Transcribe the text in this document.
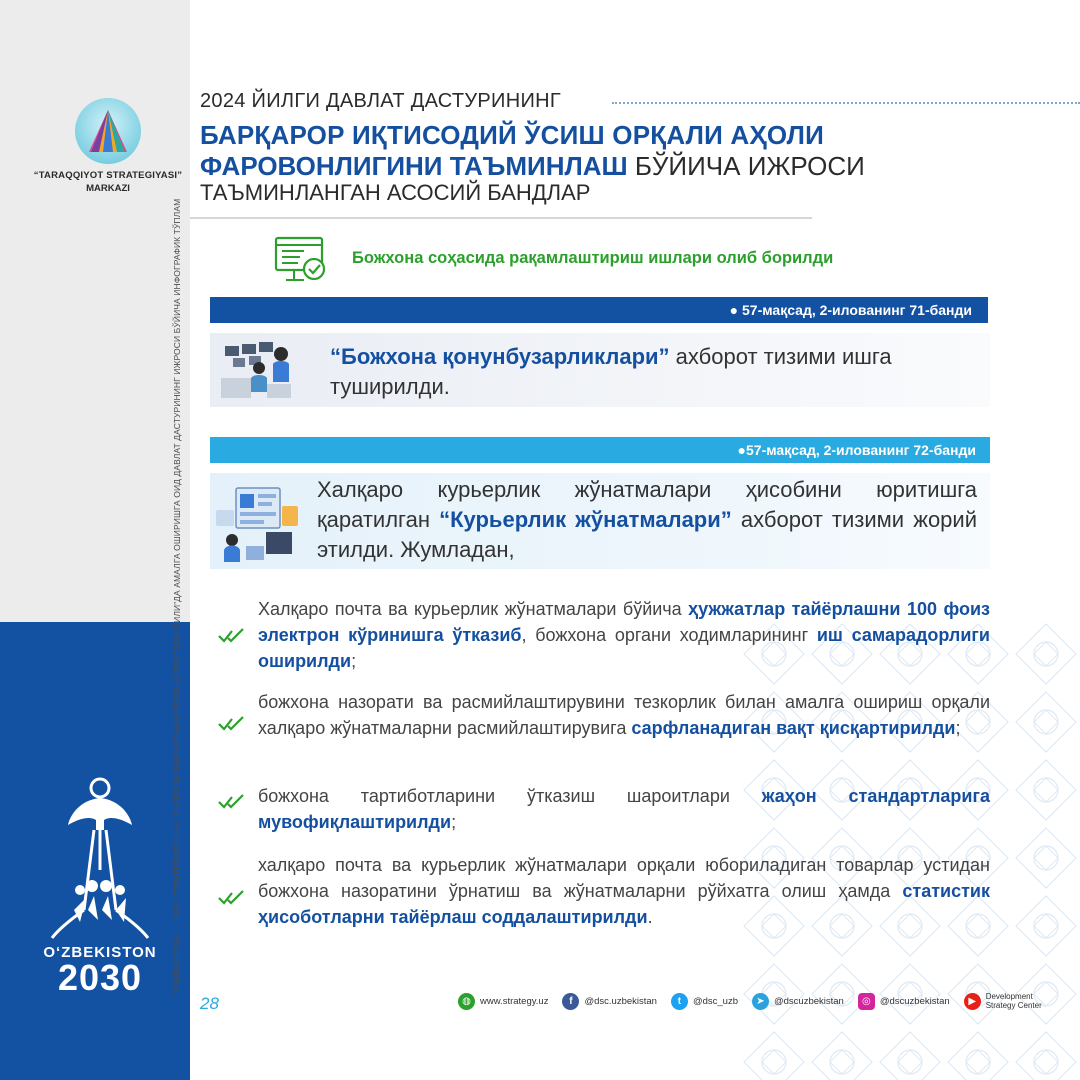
“TARAQQIYOT STRATEGIYASI”
MARKAZI
“ЎЗБЕКИСТОН — 2030” СТРАТЕГИЯСИНИ “ЁШЛАР ВА БИЗНЕСНИ ҚЎЛЛАБ-ҚУВВАТЛАШ ЙИЛИ”ДА АМАЛГА ОШИРИШГА ОИД ДАВЛАТ ДАСТУРИНИНГ ИЖРОСИ БЎЙИЧА ИНФОГРАФИК ТЎПЛАМ
O‘ZBEKISTON
2030
2024 ЙИЛГИ ДАВЛАТ ДАСТУРИНИНГ
БАРҚАРОР ИҚТИСОДИЙ ЎСИШ ОРҚАЛИ АҲОЛИ
ФАРОВОНЛИГИНИ ТАЪМИНЛАШ БЎЙИЧА ИЖРОСИ
ТАЪМИНЛАНГАН АСОСИЙ БАНДЛАР
Божхона соҳасида рақамлаштириш ишлари олиб борилди
● 57-мақсад, 2-илованинг 71-банди
“Божхона қонунбузарликлари” ахборот тизими ишга туширилди.
●57-мақсад, 2-илованинг 72-банди
Халқаро курьерлик жўнатмалари ҳисобини юритишга қаратилган “Курьерлик жўнатмалари” ахборот тизими жорий этилди. Жумладан,
Халқаро почта ва курьерлик жўнатмалари бўйича ҳужжатлар тайёрлашни 100 фоиз электрон кўринишга ўтказиб, божхона органи ходимларининг иш самарадорлиги оширилди;
божхона назорати ва расмийлаштирувини тезкорлик билан амалга ошириш орқали халқаро жўнатмаларни расмийлаштирувига сарфланадиган вақт қисқартирилди;
божхона тартиботларини ўтказиш шароитлари жаҳон стандартларига мувофиқлаштирилди;
халқаро почта ва курьерлик жўнатмалари орқали юбориладиган товарлар устидан божхона назоратини ўрнатиш ва жўнатмаларни рўйхатга олиш ҳамда статистик ҳисоботларни тайёрлаш соддалаштирилди.
28	◍ www.strategy.uz	f	@dsc.uzbekistan	t	@dsc_uzb	➤ @dscuzbekistan	◎ @dscuzbekistan	▶	Development
Strategy Center
